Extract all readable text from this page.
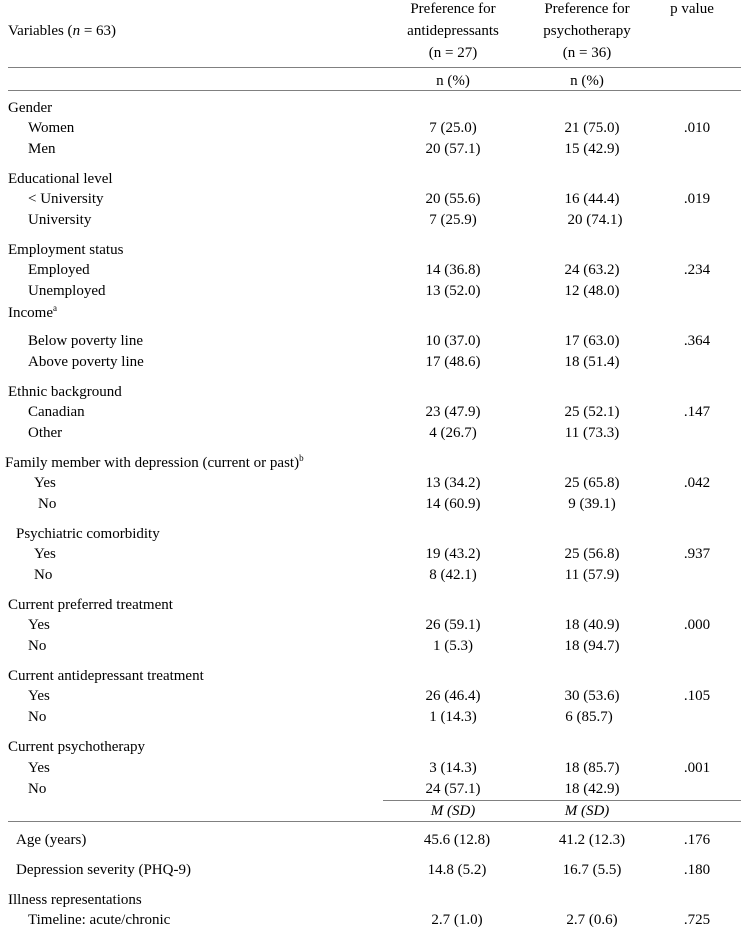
Variables (n = 63)
Preference for
antidepressants
(n = 27)
Preference for
psychotherapy
(n = 36)
p value
n (%)	n (%)
Gender
Women	7 (25.0)	21 (75.0)	.010
Men	20 (57.1)	15 (42.9)
Educational level
< University	20 (55.6)	16 (44.4)	.019
University	7 (25.9)	20 (74.1)
Employment status
Employed	14 (36.8)	24 (63.2)	.234
Unemployed	13 (52.0)	12 (48.0)
Income$^a$
Below poverty line	10 (37.0)	17 (63.0)	.364
Above poverty line	17 (48.6)	18 (51.4)
Ethnic background
Canadian	23 (47.9)	25 (52.1)	.147
Other	4 (26.7)	11 (73.3)
Family member with depression (current or past)$^b$
Yes	13 (34.2)	25 (65.8)	.042
No	14 (60.9)	9 (39.1)
Psychiatric comorbidity
Yes	19 (43.2)	25 (56.8)	.937
No	8 (42.1)	11 (57.9)
Current preferred treatment
Yes	26 (59.1)	18 (40.9)	.000
No	1 (5.3)	18 (94.7)
Current antidepressant treatment
Yes	26 (46.4)	30 (53.6)	.105
No	1 (14.3)	6 (85.7)
Current psychotherapy
Yes	3 (14.3)	18 (85.7)	.001
No	24 (57.1)	18 (42.9)
M (SD)	M (SD)
Age (years)	45.6 (12.8)	41.2 (12.3)	.176
Depression severity (PHQ-9)	14.8 (5.2)	16.7 (5.5)	.180
Illness representations
Timeline: acute/chronic	2.7 (1.0)	2.7 (0.6)	.725
